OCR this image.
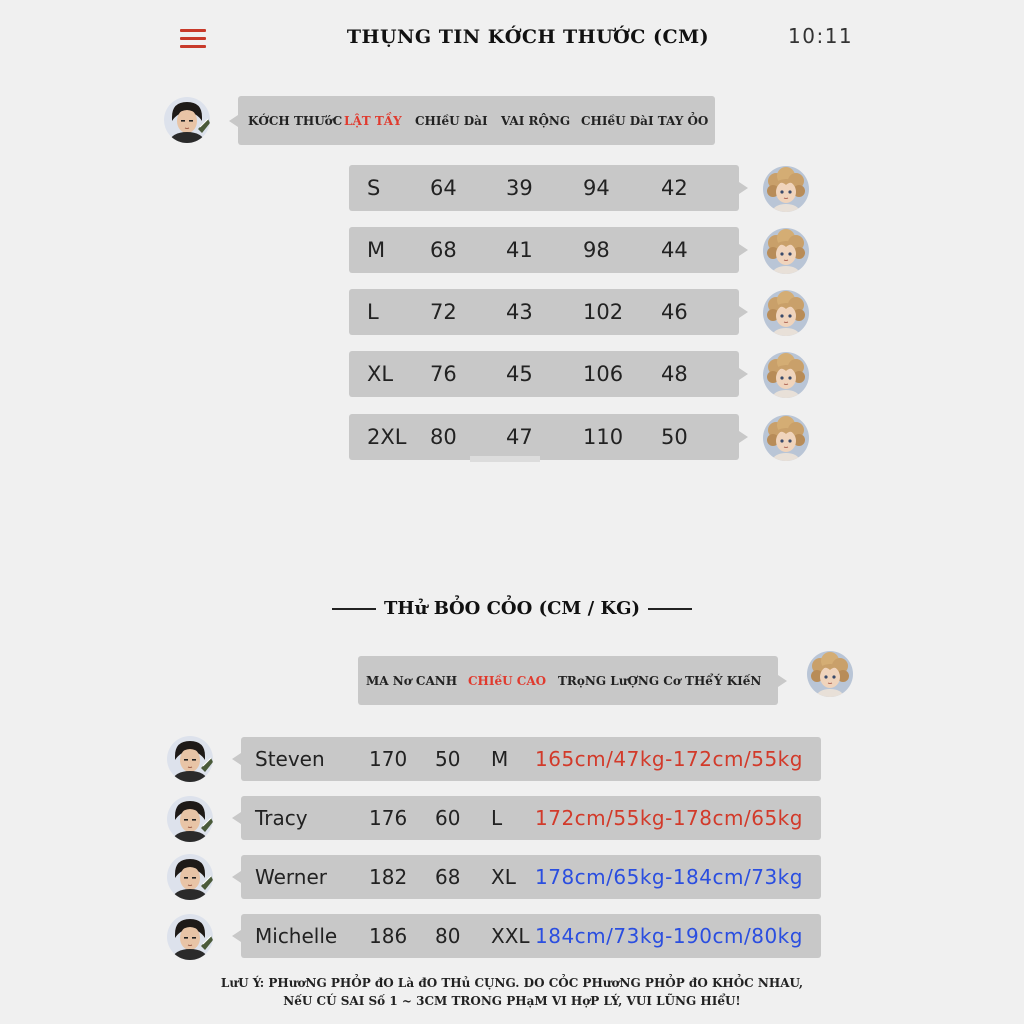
THỤNG TIN KỚCH THƯỚC (CM)	10:11
KỚCH THƯớC LẬT TẦY CHIềU DàI VAI RỘNG CHIềU DàI TAY ỎO
S 64 39 94 42
M 68 41 98 44
L 72 43 102 46
XL 76 45 106 48
2XL 80 47 110 50
THử BỎO CỎO (CM / KG)
MA Nơ CANH CHIềU CAO TRọNG LưỢNG Cơ THể Ý KIếN
Steven 170 50 M 165cm/47kg-172cm/55kg
Tracy	176 60 L 172cm/55kg-178cm/65kg
Werner 182 68 XL 178cm/65kg-184cm/73kg
Michelle 186 80 XXL 184cm/73kg-190cm/80kg
LưU Ý: PHươNG PHỎP đO Là đO THủ CỤNG. DO CỎC PHươNG PHỎP đO KHỎC NHAU,
NếU CÚ SAI Số 1 ~ 3CM TRONG PHạM VI HợP LÝ, VUI LŨNG HIểU!
